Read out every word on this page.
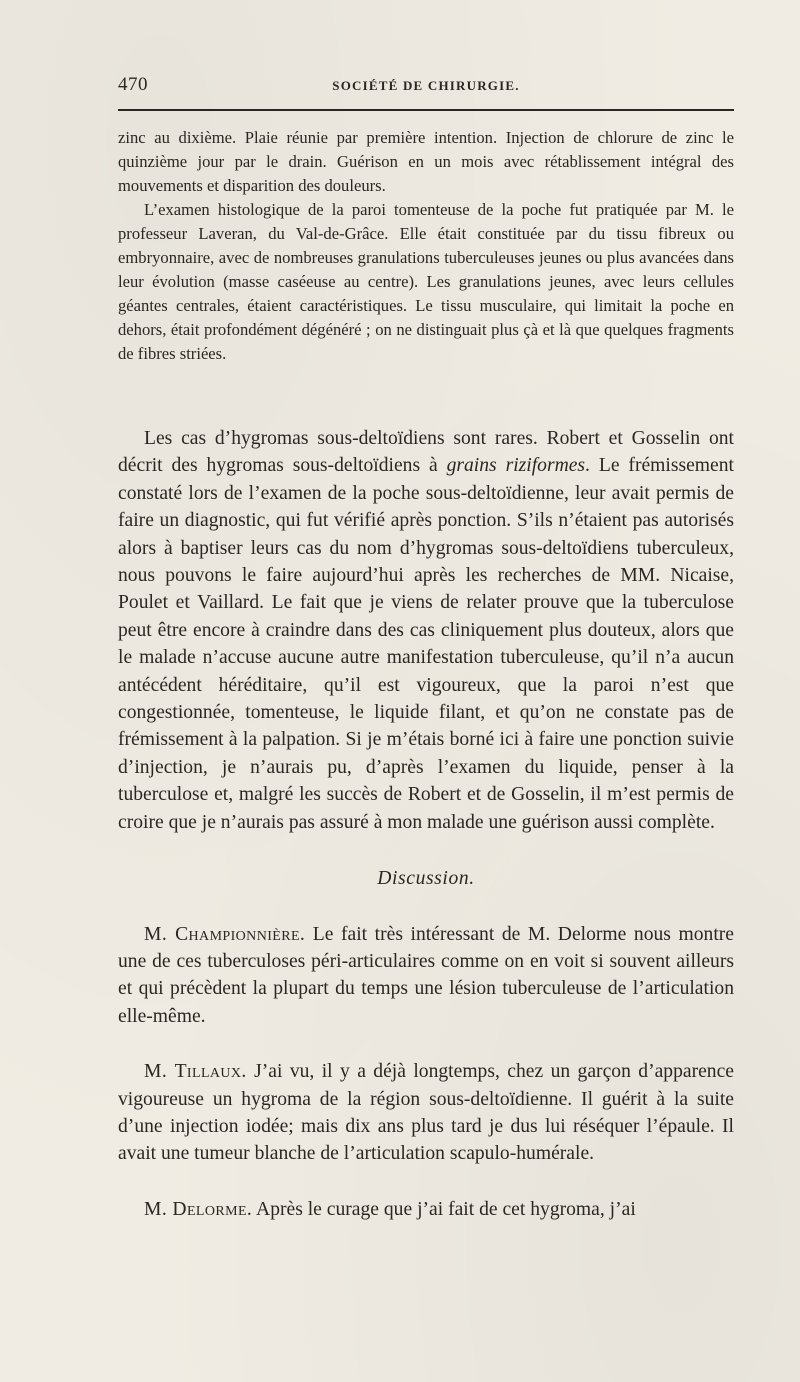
470	SOCIÉTÉ DE CHIRURGIE.

zinc au dixième. Plaie réunie par première intention. Injection de chlorure de zinc le quinzième jour par le drain. Guérison en un mois avec rétablissement intégral des mouvements et disparition des douleurs.

L’examen histologique de la paroi tomenteuse de la poche fut pratiquée par M. le professeur Laveran, du Val-de-Grâce. Elle était constituée par du tissu fibreux ou embryonnaire, avec de nombreuses granulations tuberculeuses jeunes ou plus avancées dans leur évolution (masse caséeuse au centre). Les granulations jeunes, avec leurs cellules géantes centrales, étaient caractéristiques. Le tissu musculaire, qui limitait la poche en dehors, était profondément dégénéré ; on ne distinguait plus çà et là que quelques fragments de fibres striées.

Les cas d’hygromas sous-deltoïdiens sont rares. Robert et Gosselin ont décrit des hygromas sous-deltoïdiens à grains riziformes. Le frémissement constaté lors de l’examen de la poche sous-deltoïdienne, leur avait permis de faire un diagnostic, qui fut vérifié après ponction. S’ils n’étaient pas autorisés alors à baptiser leurs cas du nom d’hygromas sous-deltoïdiens tuberculeux, nous pouvons le faire aujourd’hui après les recherches de MM. Nicaise, Poulet et Vaillard. Le fait que je viens de relater prouve que la tuberculose peut être encore à craindre dans des cas cliniquement plus douteux, alors que le malade n’accuse aucune autre manifestation tuberculeuse, qu’il n’a aucun antécédent héréditaire, qu’il est vigoureux, que la paroi n’est que congestionnée, tomenteuse, le liquide filant, et qu’on ne constate pas de frémissement à la palpation. Si je m’étais borné ici à faire une ponction suivie d’injection, je n’aurais pu, d’après l’examen du liquide, penser à la tuberculose et, malgré les succès de Robert et de Gosselin, il m’est permis de croire que je n’aurais pas assuré à mon malade une guérison aussi complète.

Discussion.

M. Championnière. Le fait très intéressant de M. Delorme nous montre une de ces tuberculoses péri-articulaires comme on en voit si souvent ailleurs et qui précèdent la plupart du temps une lésion tuberculeuse de l’articulation elle-même.

M. Tillaux. J’ai vu, il y a déjà longtemps, chez un garçon d’apparence vigoureuse un hygroma de la région sous-deltoïdienne. Il guérit à la suite d’une injection iodée; mais dix ans plus tard je dus lui réséquer l’épaule. Il avait une tumeur blanche de l’articulation scapulo-humérale.

M. Delorme. Après le curage que j’ai fait de cet hygroma, j’ai
